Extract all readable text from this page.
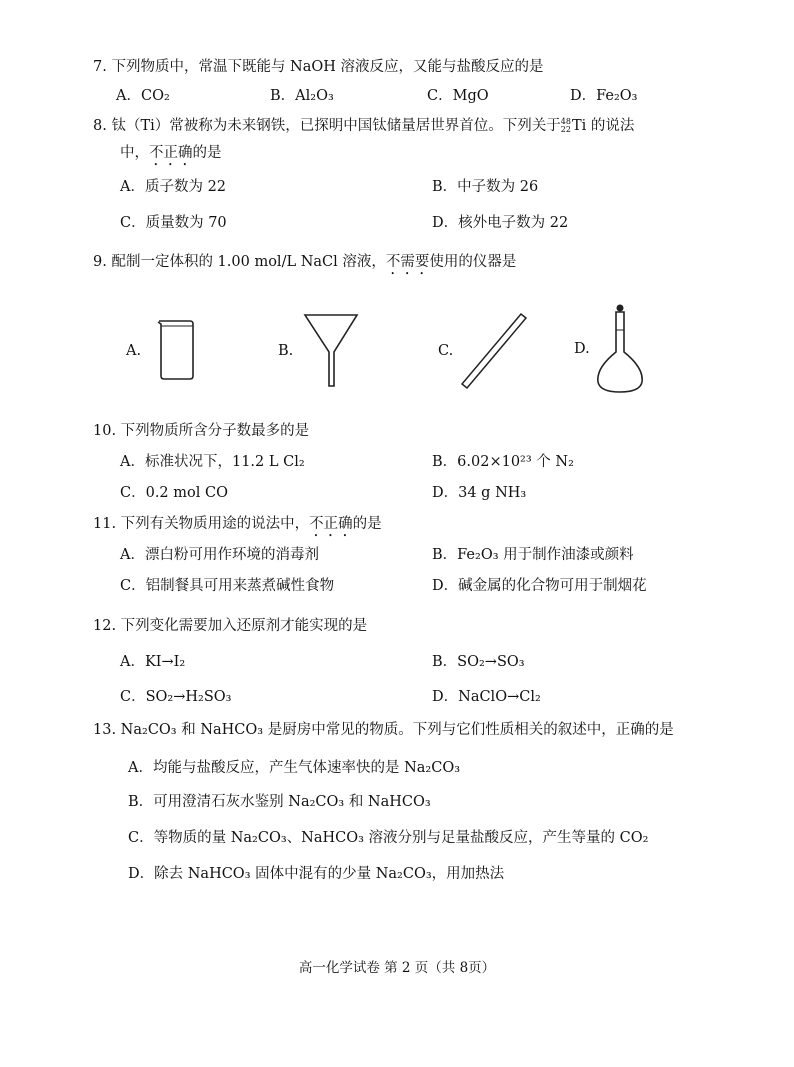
7. 下列物质中，常温下既能与 NaOH 溶液反应，又能与盐酸反应的是
A．CO₂	B．Al₂O₃	C．MgO	D．Fe₂O₃
8. 钛（Ti）常被称为未来钢铁，已探明中国钛储量居世界首位。下列关于 48
22 Ti 的说法
中，不正确的是
A．质子数为 22	B．中子数为 26
C．质量数为 70	D．核外电子数为 22
9. 配制一定体积的 1.00 mol/L NaCl 溶液，不需要使用的仪器是
A.	B.	C.	D.
10. 下列物质所含分子数最多的是
A．标准状况下，11.2 L Cl₂	B．6.02×10²³ 个 N₂
C．0.2 mol CO	D．34 g NH₃
11. 下列有关物质用途的说法中，不正确的是
A．漂白粉可用作环境的消毒剂	B．Fe₂O₃ 用于制作油漆或颜料
C．铝制餐具可用来蒸煮碱性食物	D．碱金属的化合物可用于制烟花
12. 下列变化需要加入还原剂才能实现的是
A．KI→I₂	B．SO₂→SO₃
C．SO₂→H₂SO₃	D．NaClO→Cl₂
13. Na₂CO₃ 和 NaHCO₃ 是厨房中常见的物质。下列与它们性质相关的叙述中，正确的是
A．均能与盐酸反应，产生气体速率快的是 Na₂CO₃
B．可用澄清石灰水鉴别 Na₂CO₃ 和 NaHCO₃
C．等物质的量 Na₂CO₃、NaHCO₃ 溶液分别与足量盐酸反应，产生等量的 CO₂
D．除去 NaHCO₃ 固体中混有的少量 Na₂CO₃，用加热法
高一化学试卷 第 2 页（共 8页）
